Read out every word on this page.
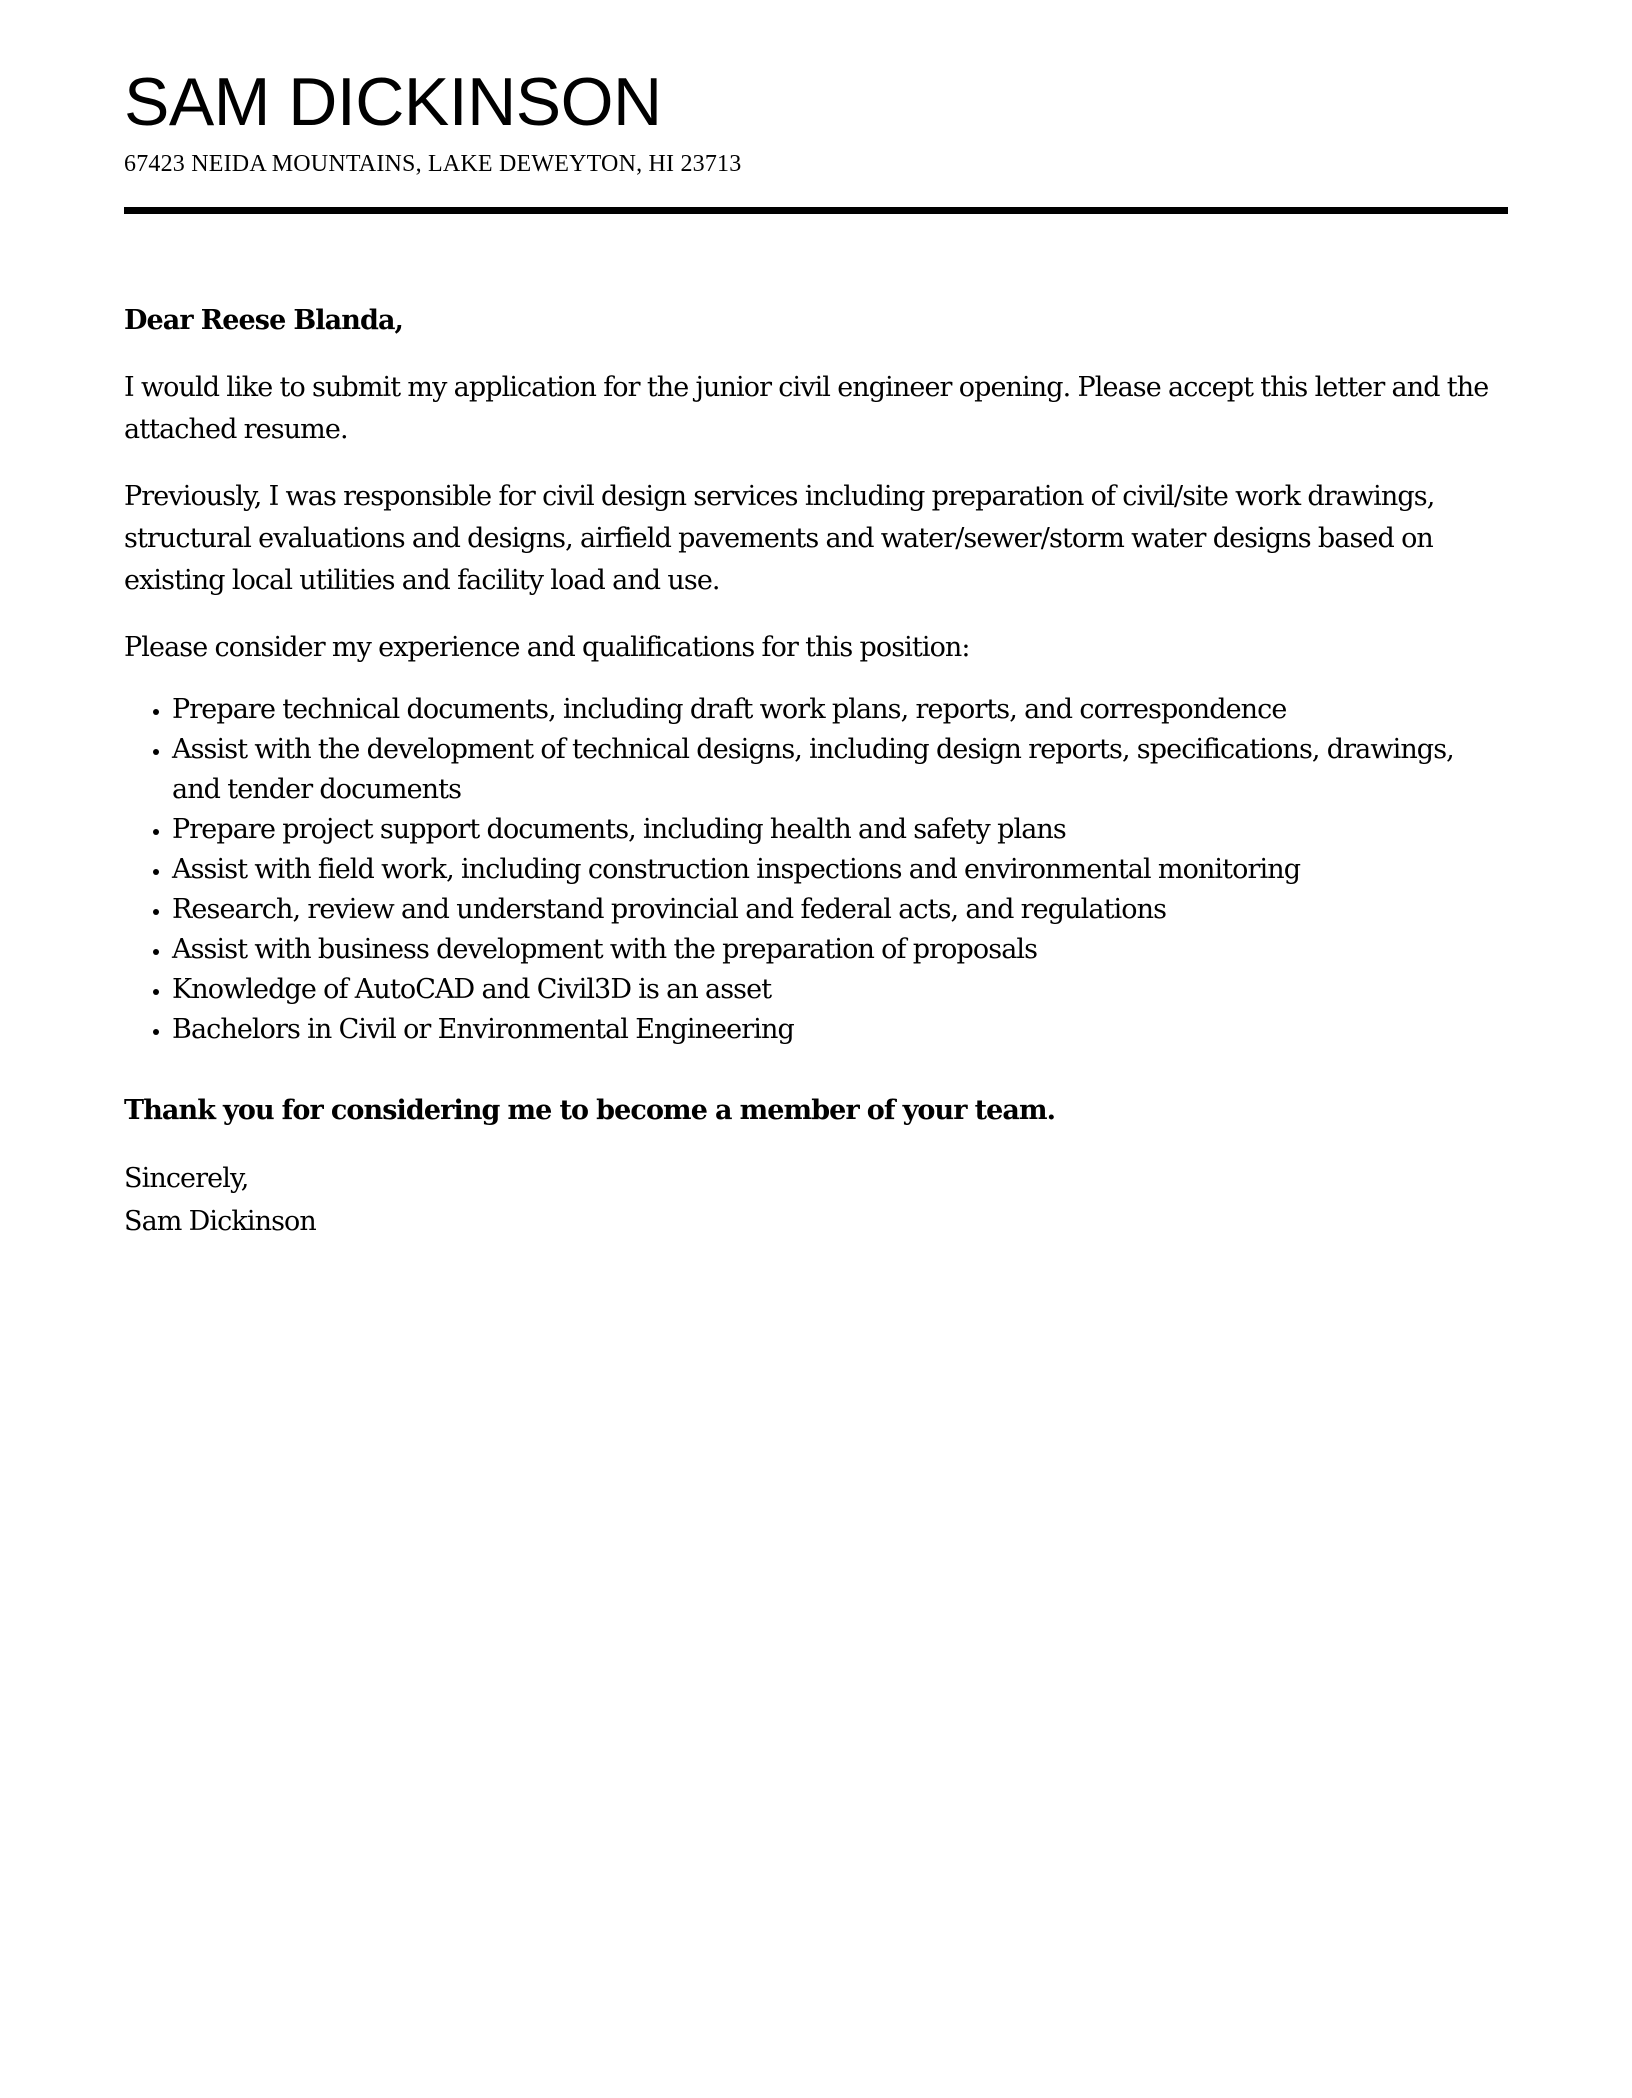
SAM DICKINSON
67423 NEIDA MOUNTAINS, LAKE DEWEYTON, HI 23713

Dear Reese Blanda,

I would like to submit my application for the junior civil engineer opening. Please accept this letter and the attached resume.

Previously, I was responsible for civil design services including preparation of civil/site work drawings, structural evaluations and designs, airfield pavements and water/sewer/storm water designs based on existing local utilities and facility load and use.

Please consider my experience and qualifications for this position:

• Prepare technical documents, including draft work plans, reports, and correspondence
• Assist with the development of technical designs, including design reports, specifications, drawings, and tender documents
• Prepare project support documents, including health and safety plans
• Assist with field work, including construction inspections and environmental monitoring
• Research, review and understand provincial and federal acts, and regulations
• Assist with business development with the preparation of proposals
• Knowledge of AutoCAD and Civil3D is an asset
• Bachelors in Civil or Environmental Engineering

Thank you for considering me to become a member of your team.

Sincerely,
Sam Dickinson
